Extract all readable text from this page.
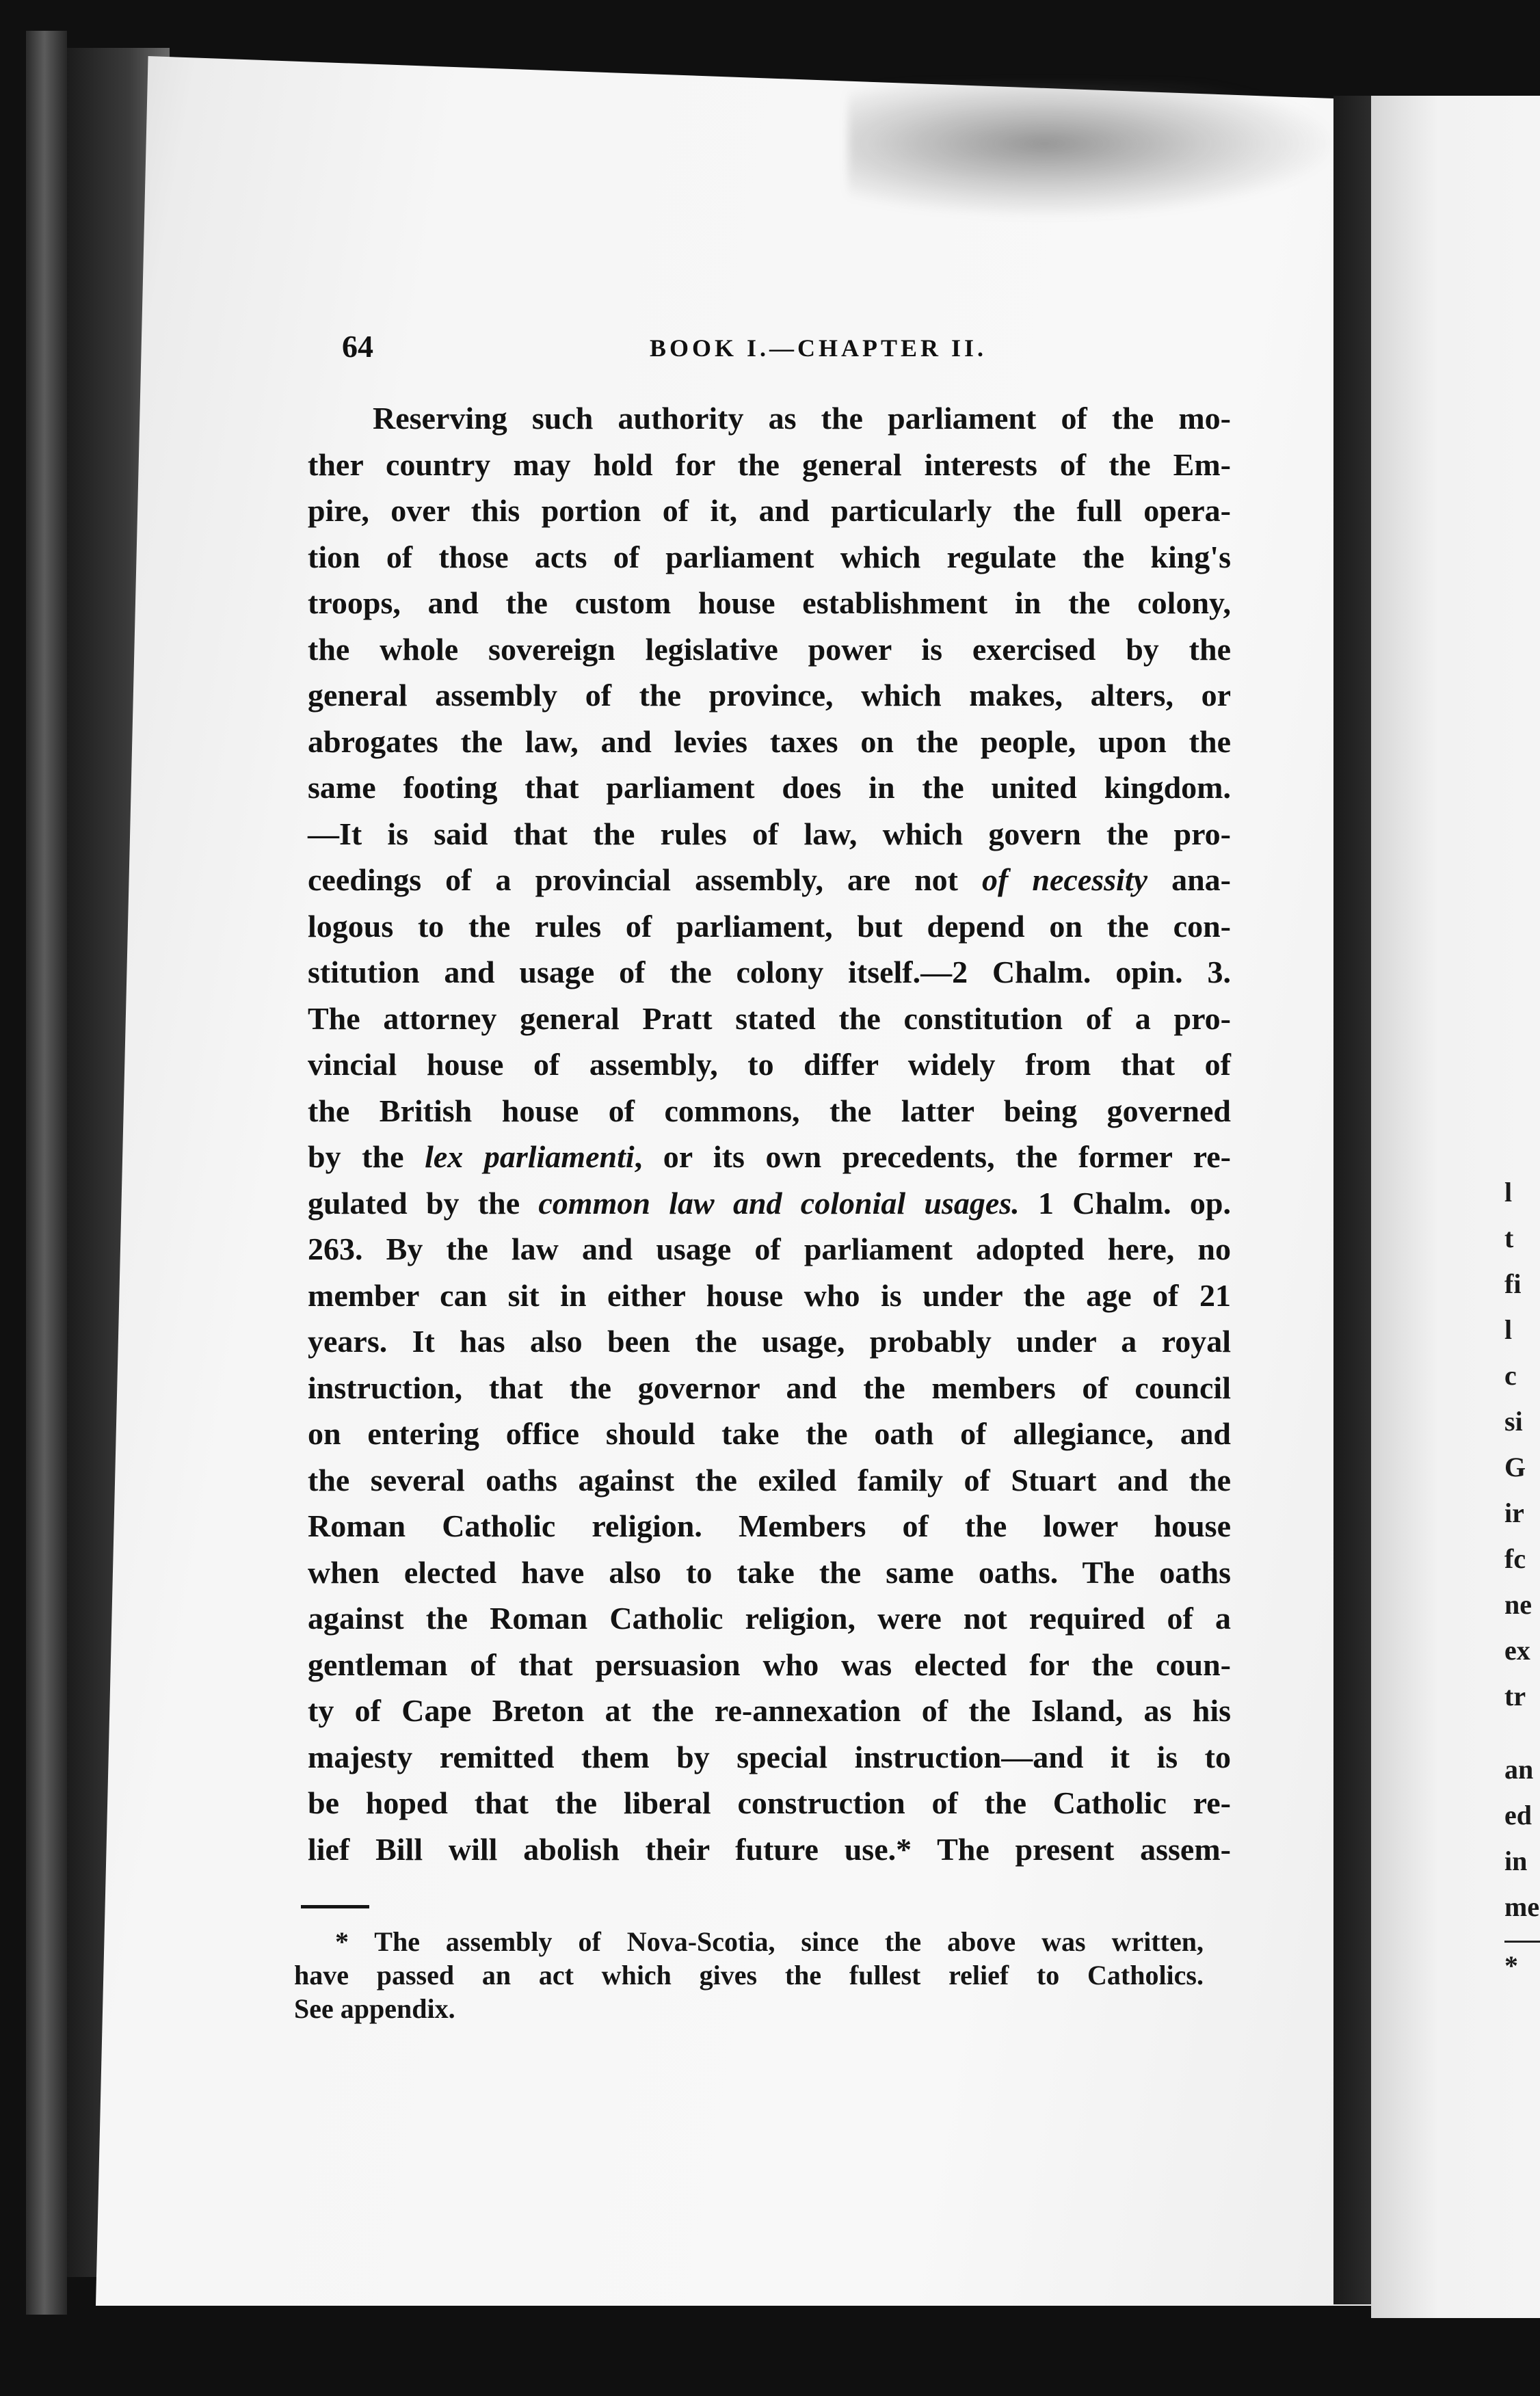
64	BOOK I.—CHAPTER II.
Reserving such authority as the parliament of the mo-
ther country may hold for the general interests of the Em-
pire, over this portion of it, and particularly the full opera-
tion of those acts of parliament which regulate the king's
troops, and the custom house establishment in the colony,
the whole sovereign legislative power is exercised by the
general assembly of the province, which makes, alters, or
abrogates the law, and levies taxes on the people, upon the
same footing that parliament does in the united kingdom.
—It is said that the rules of law, which govern the pro-
ceedings of a provincial assembly, are not of necessity ana-
logous to the rules of parliament, but depend on the con-
stitution and usage of the colony itself.—2 Chalm. opin. 3.
The attorney general Pratt stated the constitution of a pro-
vincial house of assembly, to differ widely from that of
the British house of commons, the latter being governed
by the lex parliamenti, or its own precedents, the former re-
gulated by the common law and colonial usages. 1 Chalm. op.
263. By the law and usage of parliament adopted here, no
member can sit in either house who is under the age of 21
years. It has also been the usage, probably under a royal
instruction, that the governor and the members of council
on entering office should take the oath of allegiance, and
the several oaths against the exiled family of Stuart and the
Roman Catholic religion. Members of the lower house
when elected have also to take the same oaths. The oaths
against the Roman Catholic religion, were not required of a
gentleman of that persuasion who was elected for the coun-
ty of Cape Breton at the re-annexation of the Island, as his
majesty remitted them by special instruction—and it is to
be hoped that the liberal construction of the Catholic re-
lief Bill will abolish their future use.* The present assem-
* The assembly of Nova-Scotia, since the above was written,
have passed an act which gives the fullest relief to Catholics.
See appendix.
l
t
fi
l
c
si
G
ir
fc
ne
ex
tr
an
ed
in
me
*
